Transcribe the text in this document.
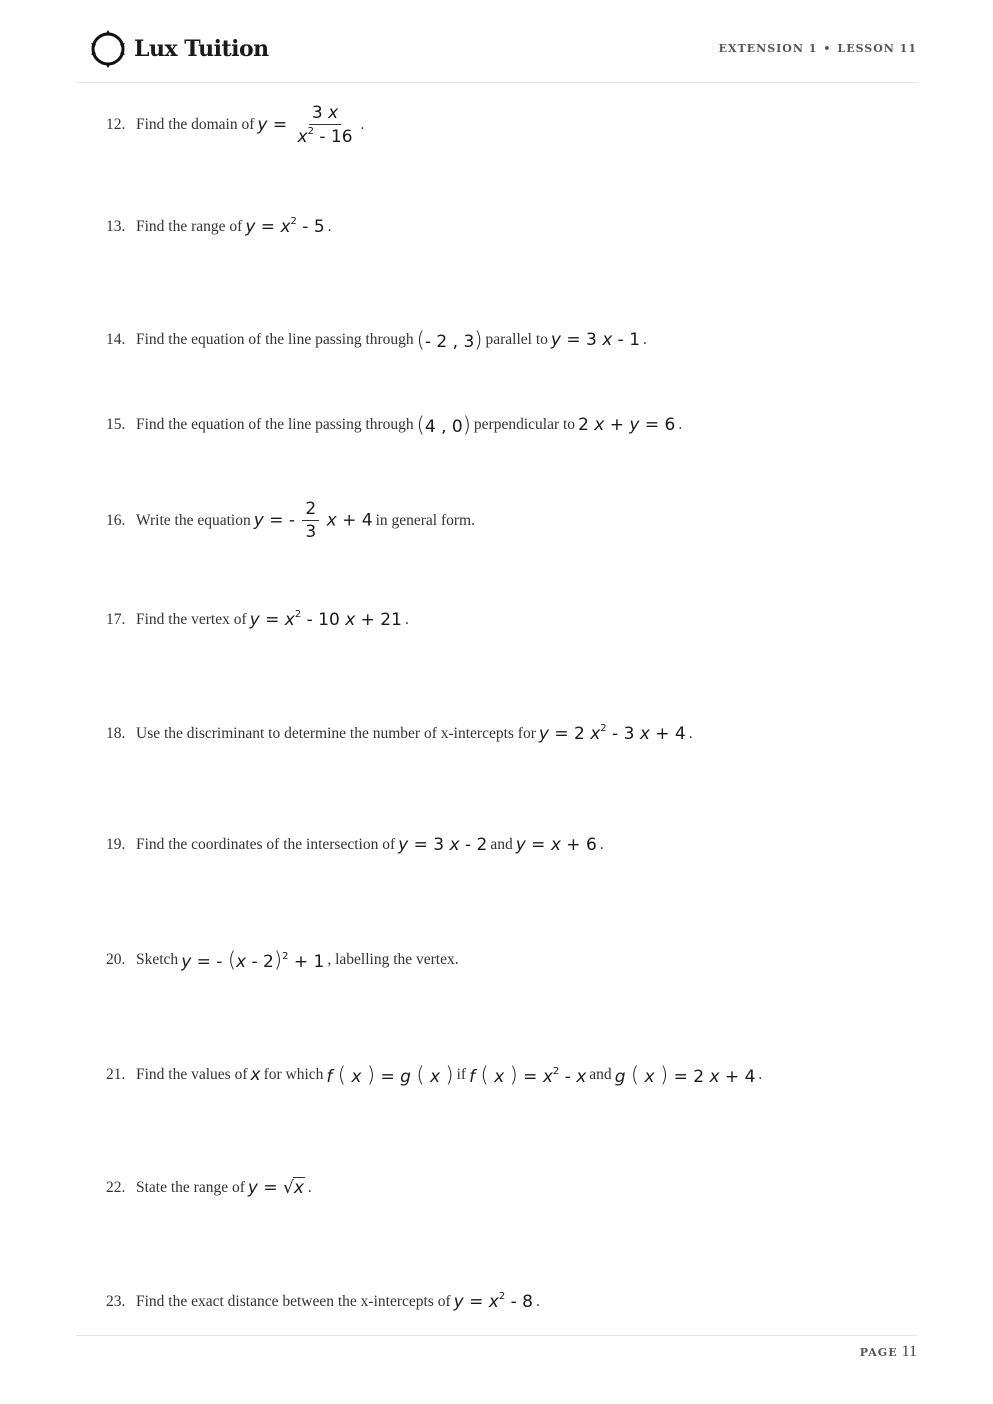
Lux Tuition	EXTENSION 1 • LESSON 11
12. Find the domain of $y = \frac{3 x}{x^2 - 16}$ .
13. Find the range of $y = x^2 - 5$ .
14. Find the equation of the line passing through (- 2 , 3) parallel to y = 3 x - 1 .
15. Find the equation of the line passing through (4 , 0) perpendicular to 2 x + y = 6 .
16. Write the equation y = - $\frac{2}{3}$ x + 4 in general form.
17. Find the vertex of $y = x^2 - 10$ x + 21 .
18. Use the discriminant to determine the number of x-intercepts for y = 2 $x^2 - 3$ x + 4 .
19. Find the coordinates of the intersection of y = 3 x - 2 and y = x + 6 .
20. Sketch y = - (x - 2)$^2$ + 1 , labelling the vertex.
21. Find the values of x for which f ( x ) = g ( x ) if f ( x ) = $x^2$ - x and g ( x ) = 2 x + 4 .
22. State the range of y = √x .
23. Find the exact distance between the x-intercepts of $y = x^2 - 8$ .
PAGE 11
